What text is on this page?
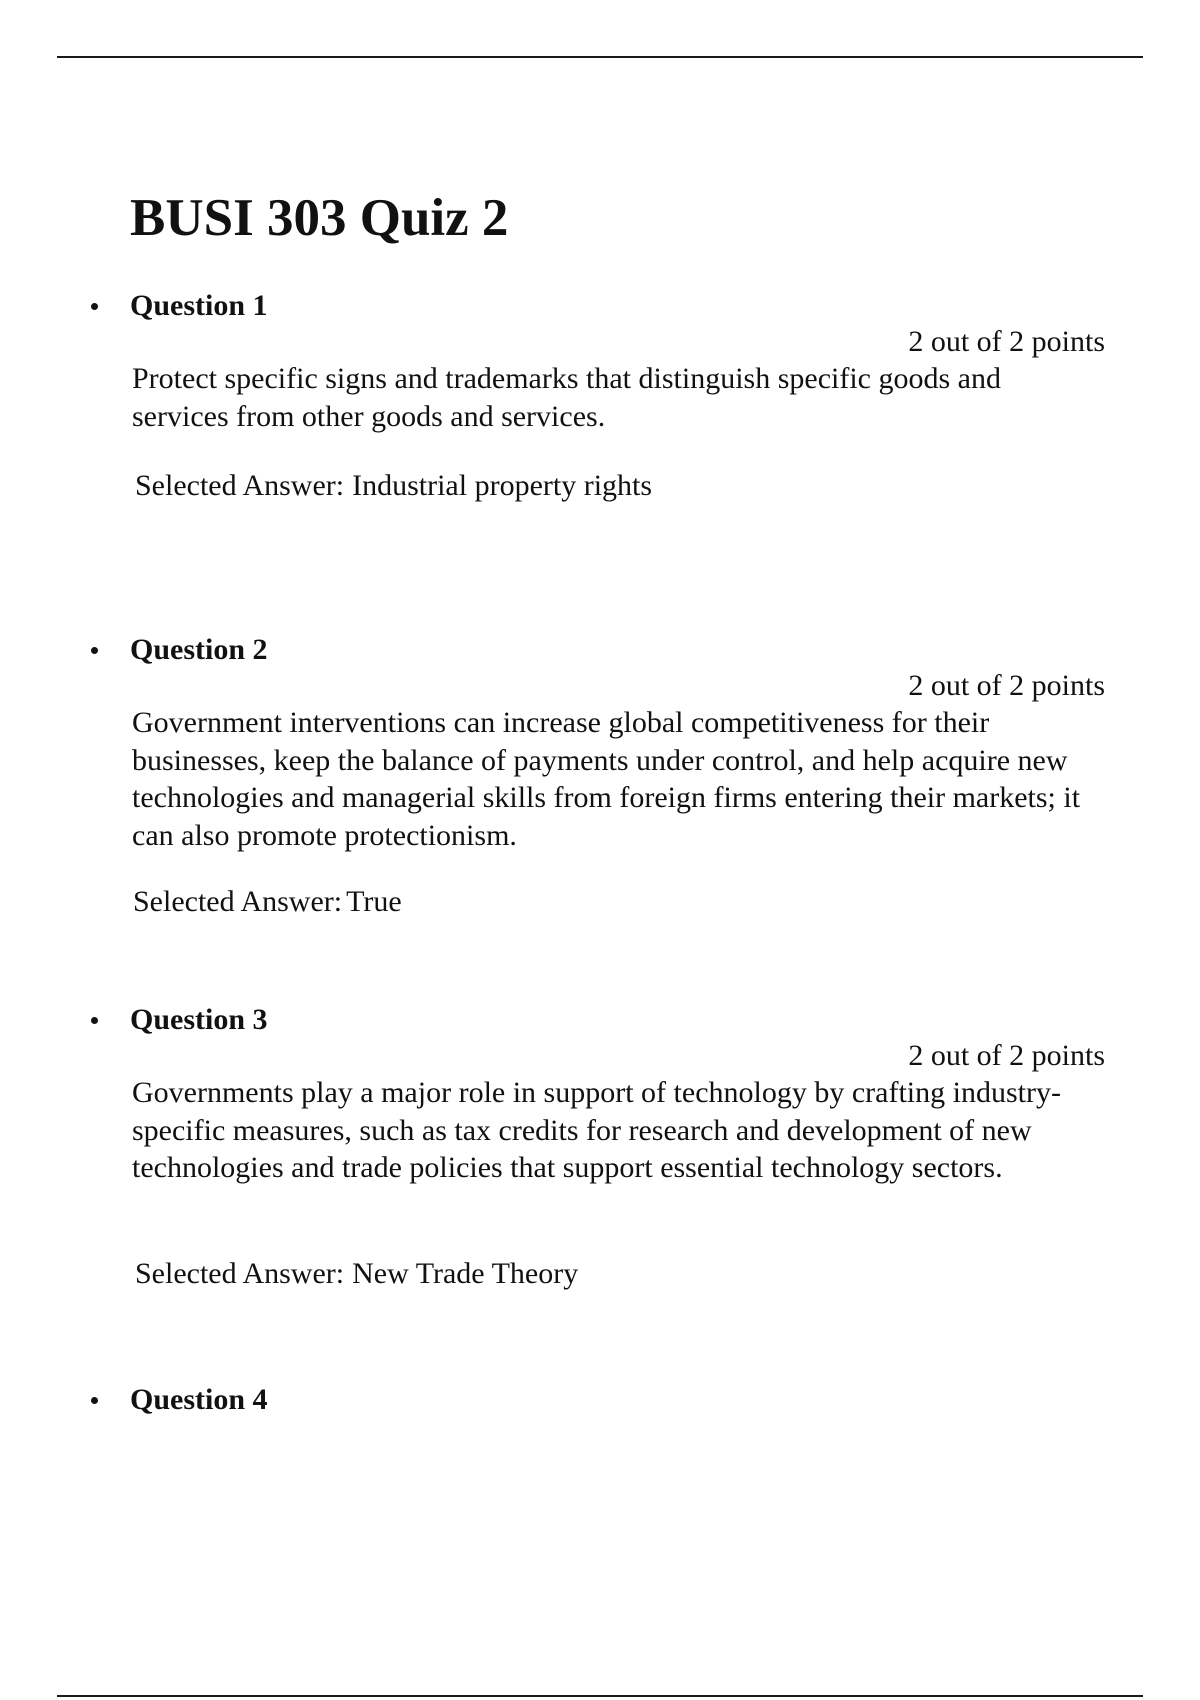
BUSI 303 Quiz 2
Question 1
2 out of 2 points

Protect specific signs and trademarks that distinguish specific goods and services from other goods and services.

Selected Answer: Industrial property rights
Question 2
2 out of 2 points

Government interventions can increase global competitiveness for their businesses, keep the balance of payments under control, and help acquire new technologies and managerial skills from foreign firms entering their markets; it can also promote protectionism.

Selected Answer: True
Question 3
2 out of 2 points

Governments play a major role in support of technology by crafting industry-specific measures, such as tax credits for research and development of new technologies and trade policies that support essential technology sectors.

Selected Answer: New Trade Theory
Question 4
